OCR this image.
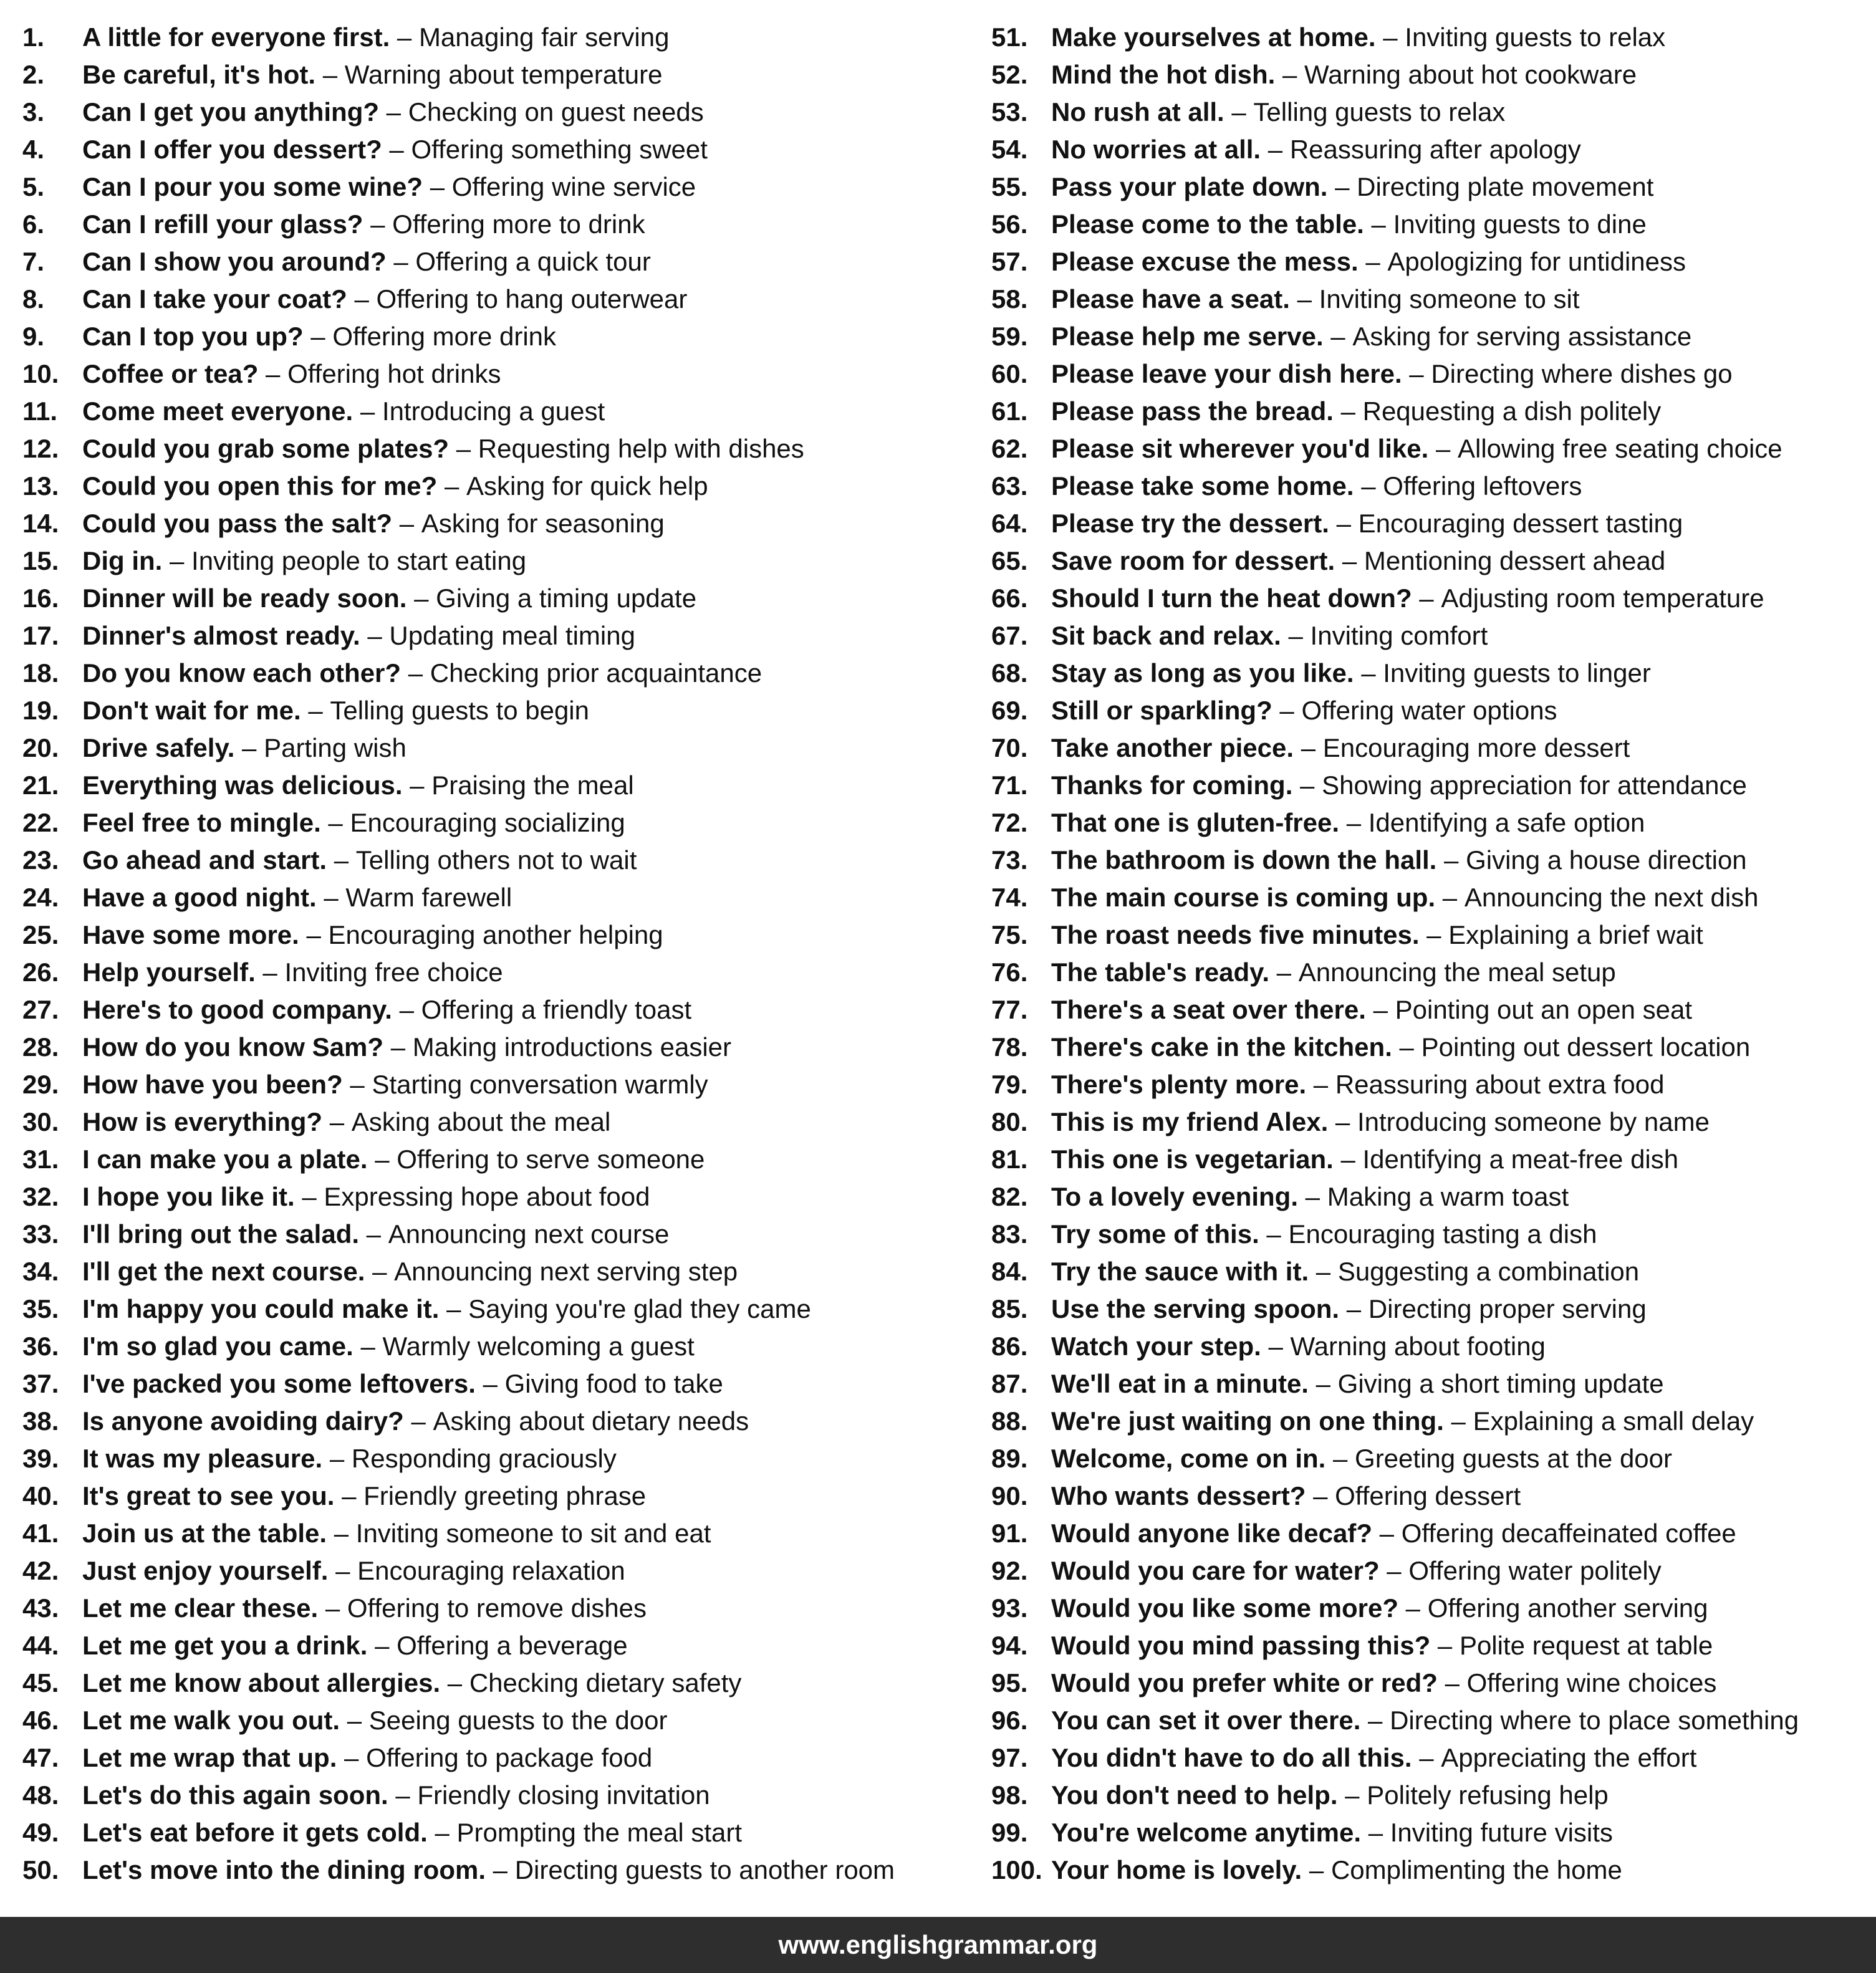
1.	A little for everyone first. – Managing fair serving
2.	Be careful, it's hot. – Warning about temperature
3.	Can I get you anything? – Checking on guest needs
4.	Can I offer you dessert? – Offering something sweet
5.	Can I pour you some wine? – Offering wine service
6.	Can I refill your glass? – Offering more to drink
7.	Can I show you around? – Offering a quick tour
8.	Can I take your coat? – Offering to hang outerwear
9.	Can I top you up? – Offering more drink
10. Coffee or tea? – Offering hot drinks
11. Come meet everyone. – Introducing a guest
12. Could you grab some plates? – Requesting help with dishes
13. Could you open this for me? – Asking for quick help
14. Could you pass the salt? – Asking for seasoning
15. Dig in. – Inviting people to start eating
16. Dinner will be ready soon. – Giving a timing update
17. Dinner's almost ready. – Updating meal timing
18. Do you know each other? – Checking prior acquaintance
19. Don't wait for me. – Telling guests to begin
20. Drive safely. – Parting wish
21. Everything was delicious. – Praising the meal
22. Feel free to mingle. – Encouraging socializing
23. Go ahead and start. – Telling others not to wait
24. Have a good night. – Warm farewell
25. Have some more. – Encouraging another helping
26. Help yourself. – Inviting free choice
27. Here's to good company. – Offering a friendly toast
28. How do you know Sam? – Making introductions easier
29. How have you been? – Starting conversation warmly
30. How is everything? – Asking about the meal
31. I can make you a plate. – Offering to serve someone
32. I hope you like it. – Expressing hope about food
33. I'll bring out the salad. – Announcing next course
34. I'll get the next course. – Announcing next serving step
35. I'm happy you could make it. – Saying you're glad they came
36. I'm so glad you came. – Warmly welcoming a guest
37. I've packed you some leftovers. – Giving food to take
38. Is anyone avoiding dairy? – Asking about dietary needs
39. It was my pleasure. – Responding graciously
40. It's great to see you. – Friendly greeting phrase
41. Join us at the table. – Inviting someone to sit and eat
42. Just enjoy yourself. – Encouraging relaxation
43. Let me clear these. – Offering to remove dishes
44. Let me get you a drink. – Offering a beverage
45. Let me know about allergies. – Checking dietary safety
46. Let me walk you out. – Seeing guests to the door
47. Let me wrap that up. – Offering to package food
48. Let's do this again soon. – Friendly closing invitation
49. Let's eat before it gets cold. – Prompting the meal start
50. Let's move into the dining room. – Directing guests to another room
51. Make yourselves at home. – Inviting guests to relax
52. Mind the hot dish. – Warning about hot cookware
53. No rush at all. – Telling guests to relax
54. No worries at all. – Reassuring after apology
55. Pass your plate down. – Directing plate movement
56. Please come to the table. – Inviting guests to dine
57. Please excuse the mess. – Apologizing for untidiness
58. Please have a seat. – Inviting someone to sit
59. Please help me serve. – Asking for serving assistance
60. Please leave your dish here. – Directing where dishes go
61. Please pass the bread. – Requesting a dish politely
62. Please sit wherever you'd like. – Allowing free seating choice
63. Please take some home. – Offering leftovers
64. Please try the dessert. – Encouraging dessert tasting
65. Save room for dessert. – Mentioning dessert ahead
66. Should I turn the heat down? – Adjusting room temperature
67. Sit back and relax. – Inviting comfort
68. Stay as long as you like. – Inviting guests to linger
69. Still or sparkling? – Offering water options
70. Take another piece. – Encouraging more dessert
71. Thanks for coming. – Showing appreciation for attendance
72. That one is gluten-free. – Identifying a safe option
73. The bathroom is down the hall. – Giving a house direction
74. The main course is coming up. – Announcing the next dish
75. The roast needs five minutes. – Explaining a brief wait
76. The table's ready. – Announcing the meal setup
77. There's a seat over there. – Pointing out an open seat
78. There's cake in the kitchen. – Pointing out dessert location
79. There's plenty more. – Reassuring about extra food
80. This is my friend Alex. – Introducing someone by name
81. This one is vegetarian. – Identifying a meat-free dish
82. To a lovely evening. – Making a warm toast
83. Try some of this. – Encouraging tasting a dish
84. Try the sauce with it. – Suggesting a combination
85. Use the serving spoon. – Directing proper serving
86. Watch your step. – Warning about footing
87. We'll eat in a minute. – Giving a short timing update
88. We're just waiting on one thing. – Explaining a small delay
89. Welcome, come on in. – Greeting guests at the door
90. Who wants dessert? – Offering dessert
91. Would anyone like decaf? – Offering decaffeinated coffee
92. Would you care for water? – Offering water politely
93. Would you like some more? – Offering another serving
94. Would you mind passing this? – Polite request at table
95. Would you prefer white or red? – Offering wine choices
96. You can set it over there. – Directing where to place something
97. You didn't have to do all this. – Appreciating the effort
98. You don't need to help. – Politely refusing help
99. You're welcome anytime. – Inviting future visits
100. Your home is lovely. – Complimenting the home
www.englishgrammar.org
